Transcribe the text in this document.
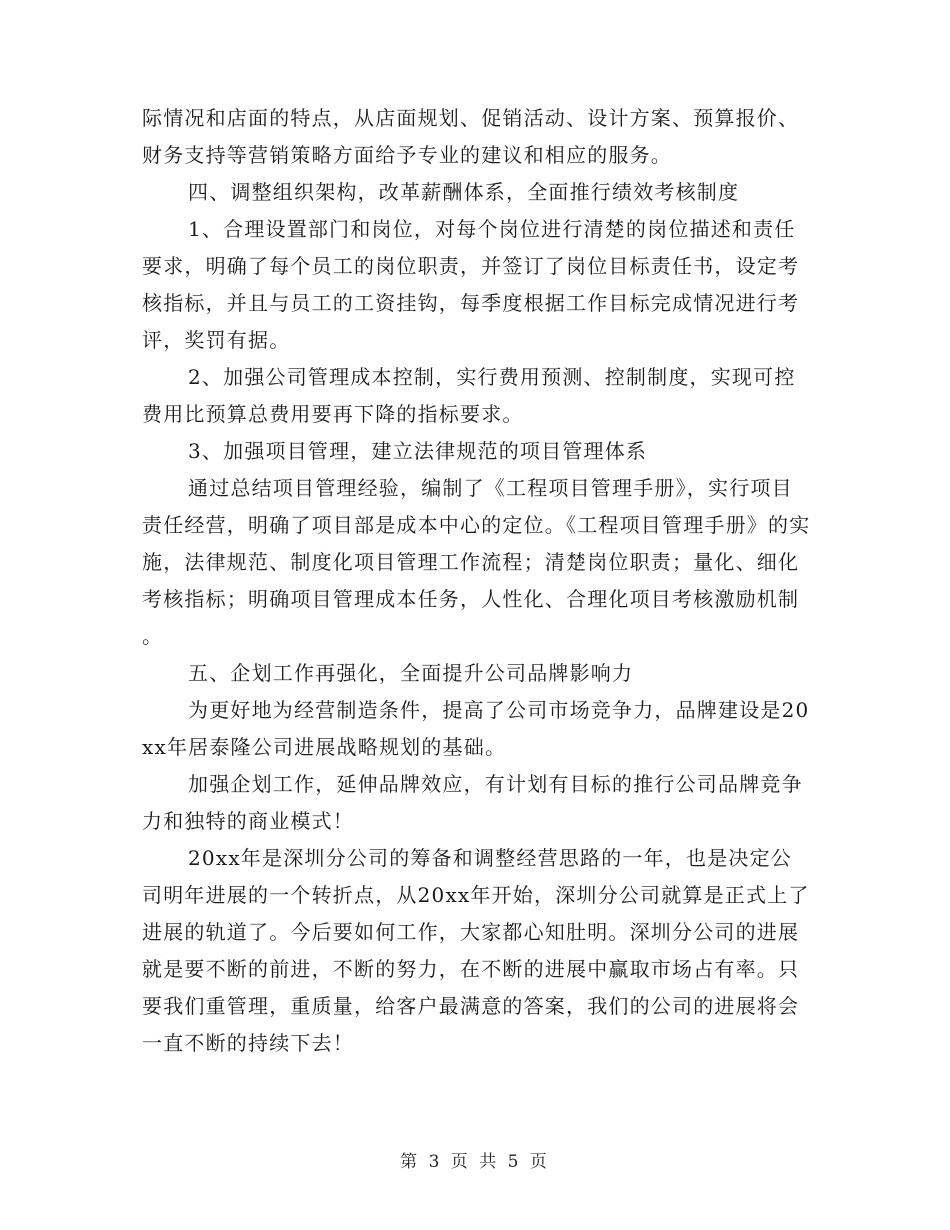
际情况和店面的特点，从店面规划、促销活动、设计方案、预算报价、财务支持等营销策略方面给予专业的建议和相应的服务。

四、调整组织架构，改革薪酬体系，全面推行绩效考核制度

1、合理设置部门和岗位，对每个岗位进行清楚的岗位描述和责任要求，明确了每个员工的岗位职责，并签订了岗位目标责任书，设定考核指标，并且与员工的工资挂钩，每季度根据工作目标完成情况进行考评，奖罚有据。

2、加强公司管理成本控制，实行费用预测、控制制度，实现可控费用比预算总费用要再下降的指标要求。

3、加强项目管理，建立法律规范的项目管理体系

通过总结项目管理经验，编制了《工程项目管理手册》，实行项目责任经营，明确了项目部是成本中心的定位。《工程项目管理手册》的实施，法律规范、制度化项目管理工作流程；清楚岗位职责；量化、细化考核指标；明确项目管理成本任务，人性化、合理化项目考核激励机制。

五、企划工作再强化，全面提升公司品牌影响力

为更好地为经营制造条件，提高了公司市场竞争力，品牌建设是20xx年居泰隆公司进展战略规划的基础。

加强企划工作，延伸品牌效应，有计划有目标的推行公司品牌竞争力和独特的商业模式！

20xx年是深圳分公司的筹备和调整经营思路的一年，也是决定公司明年进展的一个转折点，从20xx年开始，深圳分公司就算是正式上了进展的轨道了。今后要如何工作，大家都心知肚明。深圳分公司的进展就是要不断的前进，不断的努力，在不断的进展中赢取市场占有率。只要我们重管理，重质量，给客户最满意的答案，我们的公司的进展将会一直不断的持续下去！

第 3 页 共 5 页
